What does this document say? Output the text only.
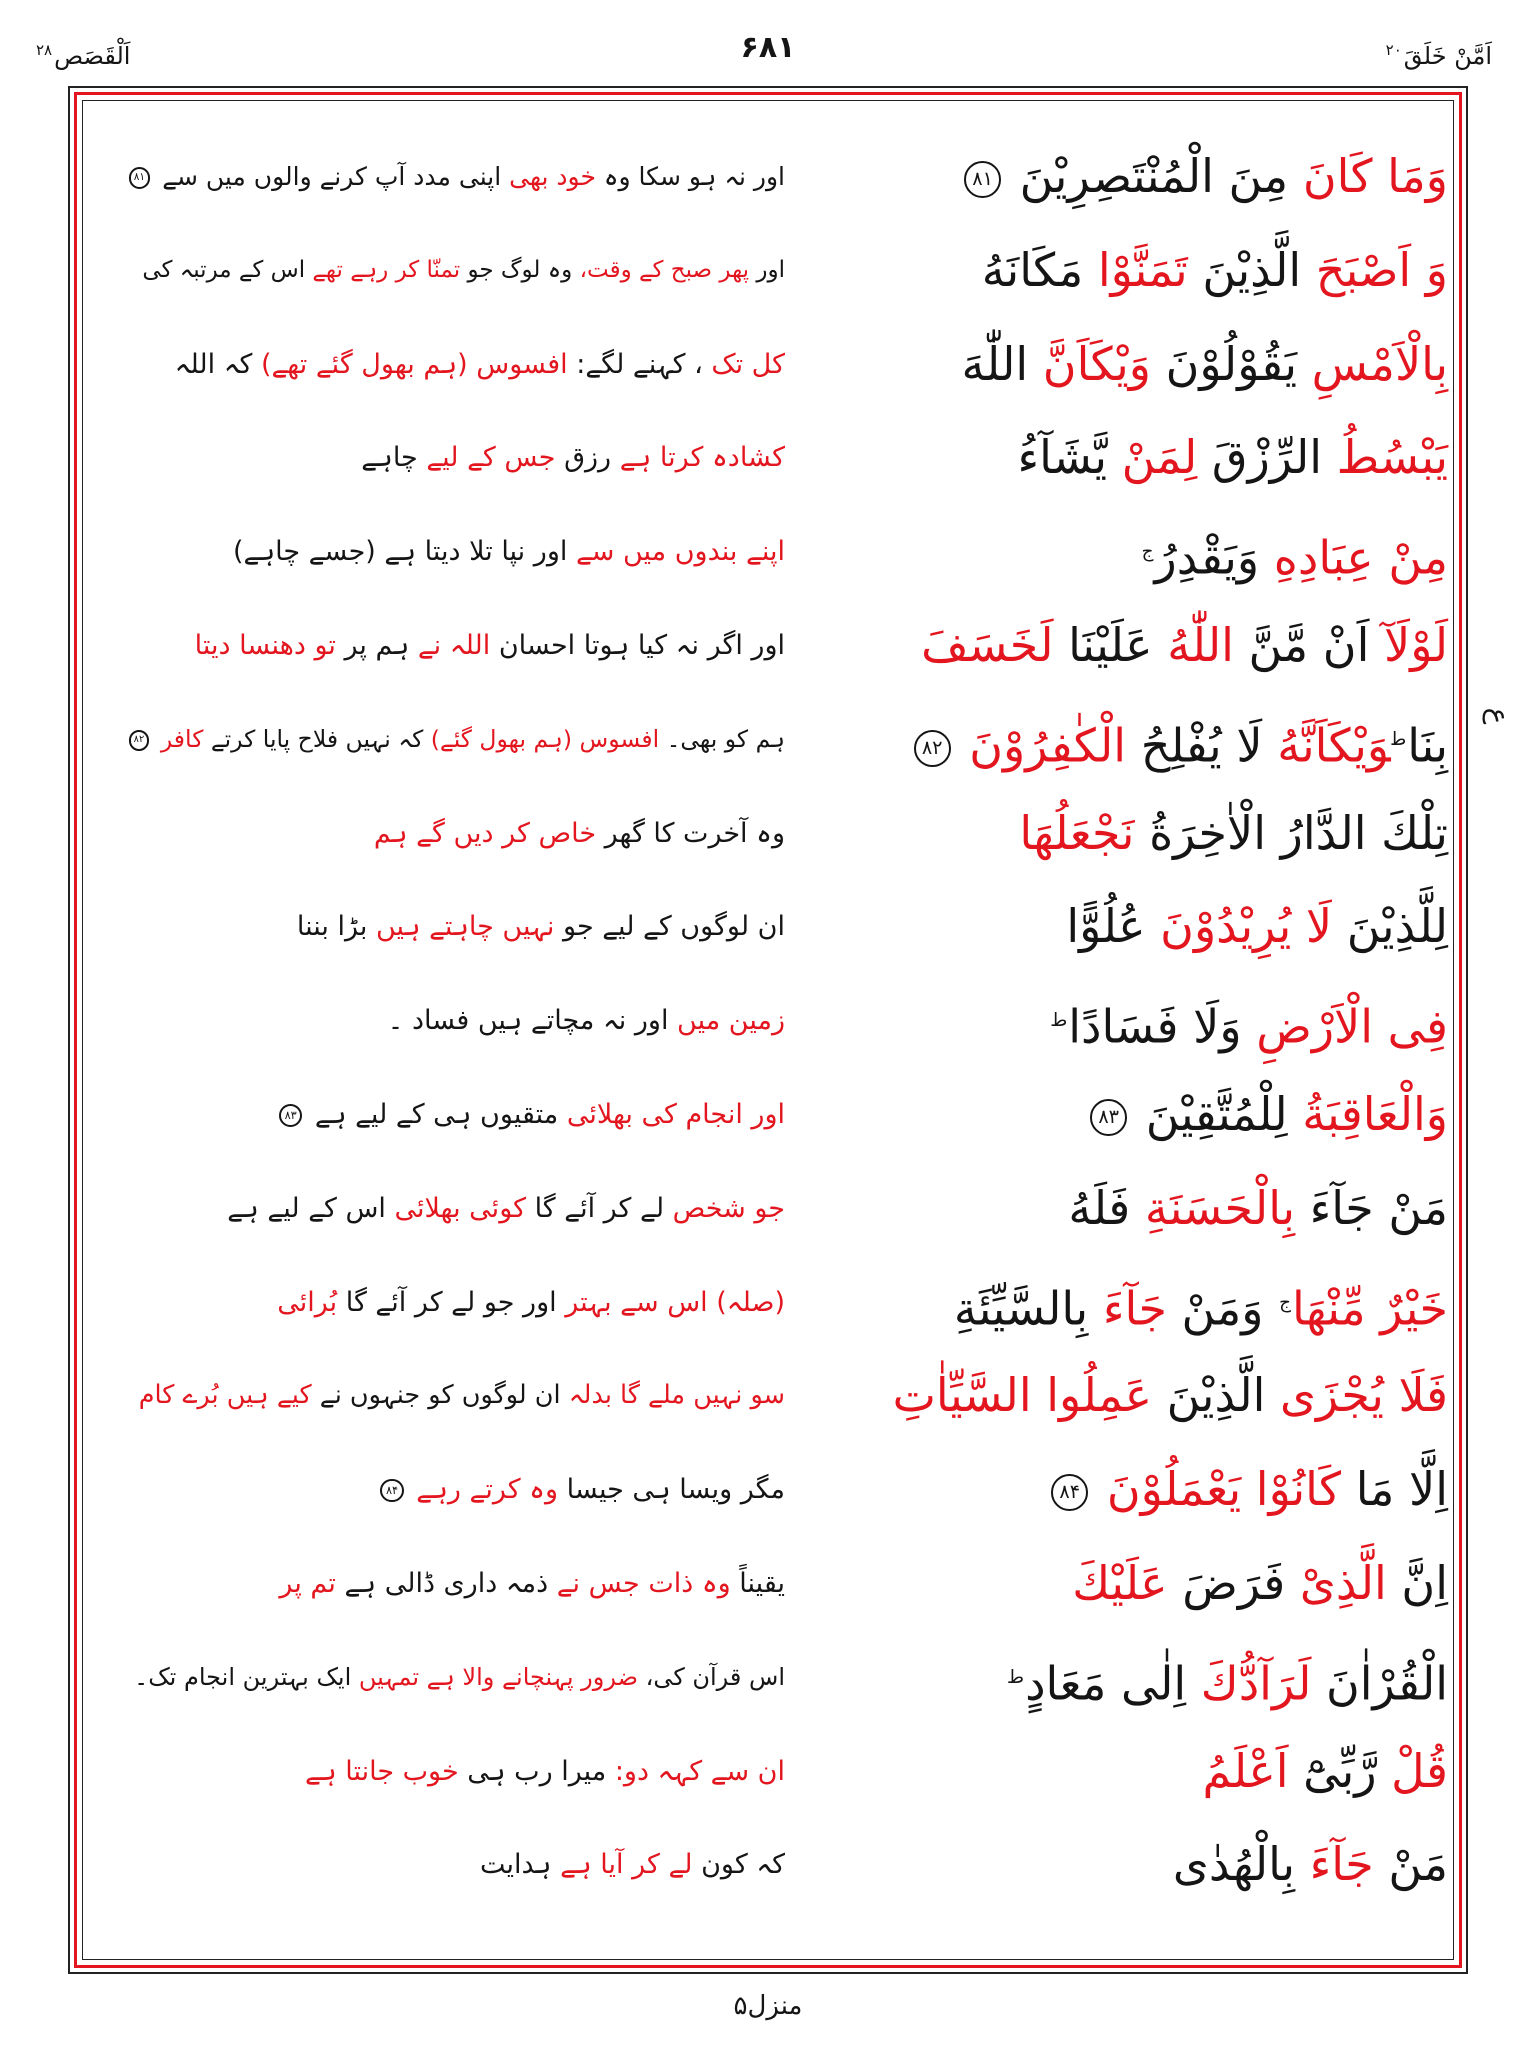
اَلْقَصَص$^{۲۸}$	۶۸۱	اَمَّنْ خَلَقَ$^{۲۰}$
وَمَا كَانَ مِنَ الْمُنْتَصِرِيْنَ ۸۱
اور نہ ہو سکا وہ خود بھی اپنی مدد آپ کرنے والوں میں سے ۸۱
وَ اَصْبَحَ الَّذِيْنَ تَمَنَّوْا مَكَانَهُ
اور پھر صبح کے وقت، وہ لوگ جو تمنّا کر رہے تھے اس کے مرتبہ کی
بِالْاَمْسِ يَقُوْلُوْنَ وَيْكَاَنَّ اللّٰهَ
کل تک ، کہنے لگے: افسوس (ہم بھول گئے تھے) کہ اللہ
يَبْسُطُ الرِّزْقَ لِمَنْ يَّشَآءُ
کشادہ کرتا ہے رزق جس کے لیے چاہے
مِنْ عِبَادِهِ وَيَقْدِرُ$^ج$
اپنے بندوں میں سے اور نپا تلا دیتا ہے (جسے چاہے)
لَوْلَآ اَنْ مَّنَّ اللّٰهُ عَلَيْنَا لَخَسَفَ
اور اگر نہ کیا ہوتا احسان اللہ نے ہم پر تو دھنسا دیتا
بِنَا$^ط$وَيْكَاَنَّهُ لَا يُفْلِحُ الْكٰفِرُوْنَ ۸۲
ہم کو بھی۔ افسوس (ہم بھول گئے) کہ نہیں فلاح پایا کرتے کافر ۸۲
تِلْكَ الدَّارُ الْاٰخِرَةُ نَجْعَلُهَا
وہ آخرت کا گھر خاص کر دیں گے ہم
لِلَّذِيْنَ لَا يُرِيْدُوْنَ عُلُوًّا
ان لوگوں کے لیے جو نہیں چاہتے ہیں بڑا بننا
فِى الْاَرْضِ وَلَا فَسَادًا$^ط$
زمین میں اور نہ مچاتے ہیں فساد ۔
وَالْعَاقِبَةُ لِلْمُتَّقِيْنَ ۸۳
اور انجام کی بھلائی متقیوں ہی کے لیے ہے ۸۳
مَنْ جَآءَ بِالْحَسَنَةِ فَلَهُ
جو شخص لے کر آئے گا کوئی بھلائی اس کے لیے ہے
خَيْرٌ مِّنْهَا$^ج$ وَمَنْ جَآءَ بِالسَّيِّئَةِ
(صلہ) اس سے بہتر اور جو لے کر آئے گا بُرائی
فَلَا يُجْزَى الَّذِيْنَ عَمِلُوا السَّيِّاٰتِ
سو نہیں ملے گا بدلہ ان لوگوں کو جنہوں نے کیے ہیں بُرے کام
اِلَّا مَا كَانُوْا يَعْمَلُوْنَ ۸۴
مگر ویسا ہی جیسا وہ کرتے رہے ۸۴
اِنَّ الَّذِىْ فَرَضَ عَلَيْكَ
یقیناً وہ ذات جس نے ذمہ داری ڈالی ہے تم پر
الْقُرْاٰنَ لَرَآدُّكَ اِلٰى مَعَادٍ$^ط$
اس قرآن کی، ضرور پہنچانے والا ہے تمہیں ایک بہترین انجام تک۔
قُلْ رَّبِّىْٓ اَعْلَمُ
ان سے کہہ دو: میرا رب ہی خوب جانتا ہے
مَنْ جَآءَ بِالْهُدٰى
کہ کون لے کر آیا ہے ہدایت
ع
منزل۵
